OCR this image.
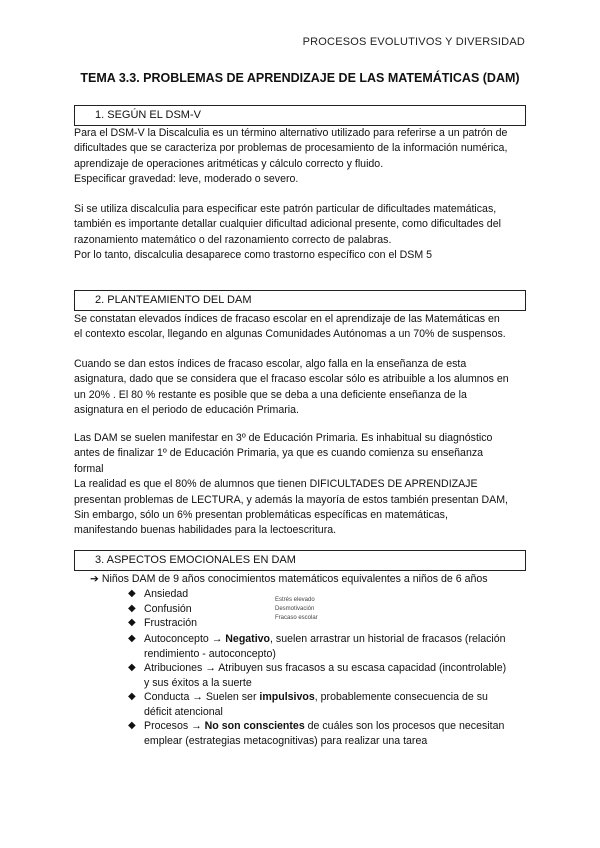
PROCESOS EVOLUTIVOS Y DIVERSIDAD
TEMA 3.3. PROBLEMAS DE APRENDIZAJE DE LAS MATEMÁTICAS (DAM)
1. SEGÚN EL DSM-V
Para el DSM-V la Discalculia es un término alternativo utilizado para referirse a un patrón de
dificultades que se caracteriza por problemas de procesamiento de la información numérica,
aprendizaje de operaciones aritméticas y cálculo correcto y fluido.
Especificar gravedad: leve, moderado o severo.
Si se utiliza discalculia para especificar este patrón particular de dificultades matemáticas,
también es importante detallar cualquier dificultad adicional presente, como dificultades del
razonamiento matemático o del razonamiento correcto de palabras.
Por lo tanto, discalculia desaparece como trastorno específico con el DSM 5
2. PLANTEAMIENTO DEL DAM
Se constatan elevados índices de fracaso escolar en el aprendizaje de las Matemáticas en
el contexto escolar, llegando en algunas Comunidades Autónomas a un 70% de suspensos.
Cuando se dan estos índices de fracaso escolar, algo falla en la enseñanza de esta
asignatura, dado que se considera que el fracaso escolar sólo es atribuible a los alumnos en
un 20% . El 80 % restante es posible que se deba a una deficiente enseñanza de la
asignatura en el periodo de educación Primaria.
Las DAM se suelen manifestar en 3º de Educación Primaria. Es inhabitual su diagnóstico
antes de finalizar 1º de Educación Primaria, ya que es cuando comienza su enseñanza
formal
La realidad es que el 80% de alumnos que tienen DIFICULTADES DE APRENDIZAJE
presentan problemas de LECTURA, y además la mayoría de estos también presentan DAM,
Sin embargo, sólo un 6% presentan problemáticas específicas en matemáticas,
manifestando buenas habilidades para la lectoescritura.
3. ASPECTOS EMOCIONALES EN DAM
➔ Niños DAM de 9 años conocimientos matemáticos equivalentes a niños de 6 años
◆ Ansiedad
◆ Confusión
◆ Frustración
Estrés elevado
Desmotivación
Fracaso escolar
◆ Autoconcepto → Negativo, suelen arrastrar un historial de fracasos (relación
rendimiento - autoconcepto)
◆ Atribuciones → Atribuyen sus fracasos a su escasa capacidad (incontrolable)
y sus éxitos a la suerte
◆ Conducta → Suelen ser impulsivos, probablemente consecuencia de su
déficit atencional
◆ Procesos → No son conscientes de cuáles son los procesos que necesitan
emplear (estrategias metacognitivas) para realizar una tarea
